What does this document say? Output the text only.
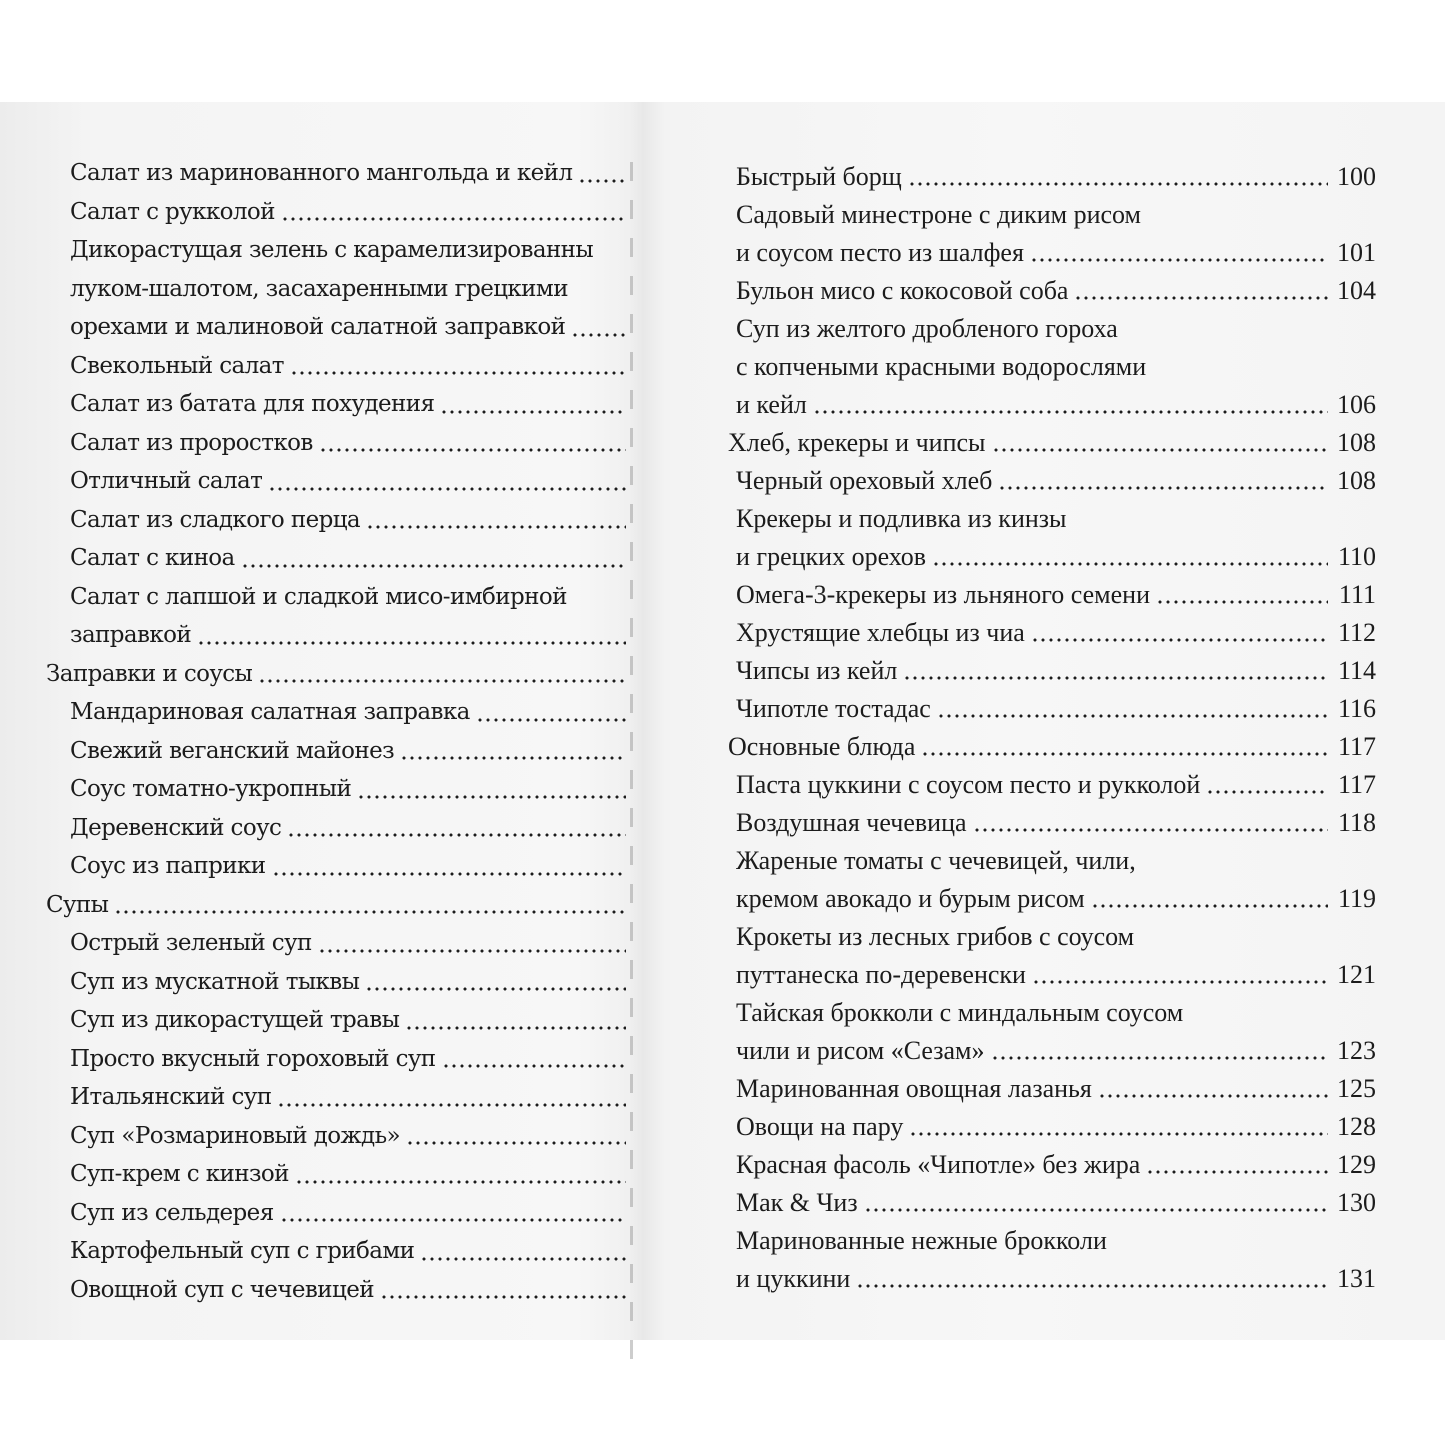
Салат из маринованного мангольда и кейл
Салат с рукколой
Дикорастущая зелень с карамелизированны
луком-шалотом, засахаренными грецкими
орехами и малиновой салатной заправкой
Свекольный салат
Салат из батата для похудения
Салат из проростков
Отличный салат
Салат из сладкого перца
Салат с киноа
Салат с лапшой и сладкой мисо-имбирной
заправкой
Заправки и соусы
Мандариновая салатная заправка
Свежий веганский майонез
Соус томатно-укропный
Деревенский соус
Соус из паприки
Супы
Острый зеленый суп
Суп из мускатной тыквы
Суп из дикорастущей травы
Просто вкусный гороховый суп
Итальянский суп
Суп «Розмариновый дождь»
Суп-крем с кинзой
Суп из сельдерея
Картофельный суп с грибами
Овощной суп с чечевицей
Быстрый борщ	100
Садовый минестроне с диким рисом
и соусом песто из шалфея	101
Бульон мисо с кокосовой соба	104
Суп из желтого дробленого гороха
с копчеными красными водорослями
и кейл	106
Хлеб, крекеры и чипсы	108
Черный ореховый хлеб	108
Крекеры и подливка из кинзы
и грецких орехов	110
Омега-3-крекеры из льняного семени	111
Хрустящие хлебцы из чиа	112
Чипсы из кейл	114
Чипотле тостадас	116
Основные блюда	117
Паста цуккини с соусом песто и рукколой	117
Воздушная чечевица	118
Жареные томаты с чечевицей, чили,
кремом авокадо и бурым рисом	119
Крокеты из лесных грибов с соусом
путтанеска по-деревенски	121
Тайская брокколи с миндальным соусом
чили и рисом «Сезам»	123
Маринованная овощная лазанья	125
Овощи на пару	128
Красная фасоль «Чипотле» без жира	129
Мак & Чиз	130
Маринованные нежные брокколи
и цуккини	131
